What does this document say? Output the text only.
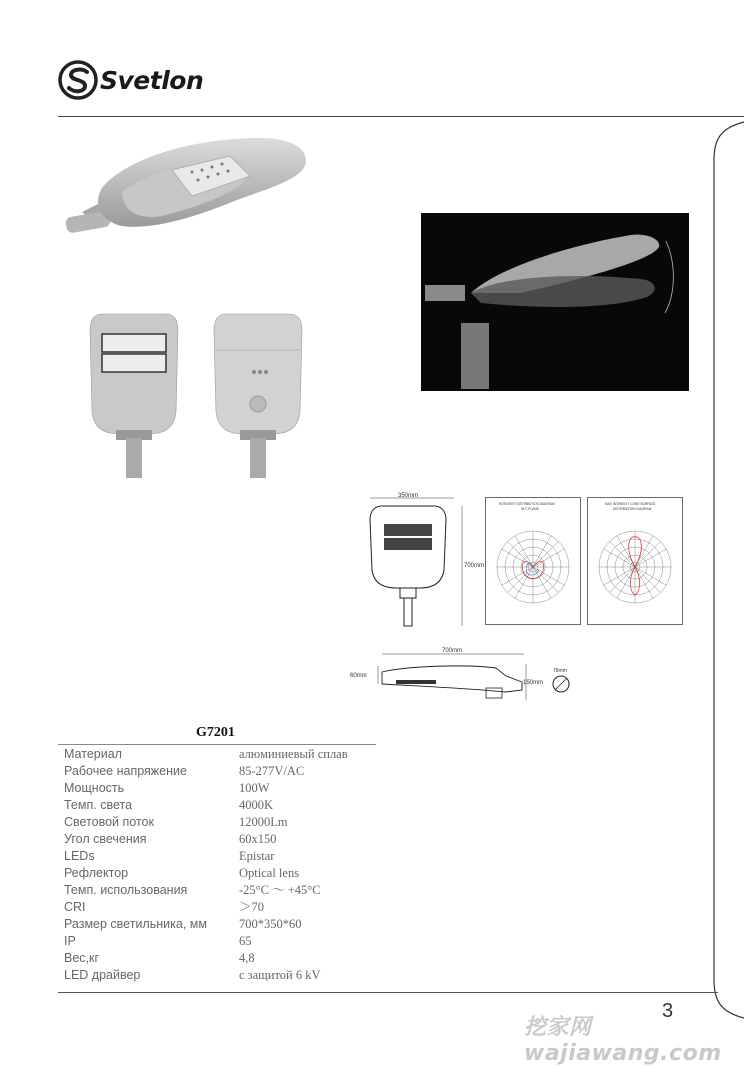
Svetlon
350mm
700mm
INTENSITY DISTRIBUTION DIAGRAM
IN C PLANE
MAX INTENSITY CONE SURFACE
DISTRIBUTION DIAGRAM
700mm
60mm
150mm
76mm
G7201
Материал	алюминиевый сплав
Рабочее напряжение	85-277V/AC
Мощность	100W
Темп. света	4000K
Световой поток	12000Lm
Угол свечения	60x150
LEDs	Epistar
Рефлектор	Optical lens
Темп. использования	-25°C ～ +45°C
CRI	＞70
Размер светильника, мм	700*350*60
IP	65
Вес,кг	4,8
LED драйвер	с защитой 6 kV
3
挖家网 wajiawang.com
